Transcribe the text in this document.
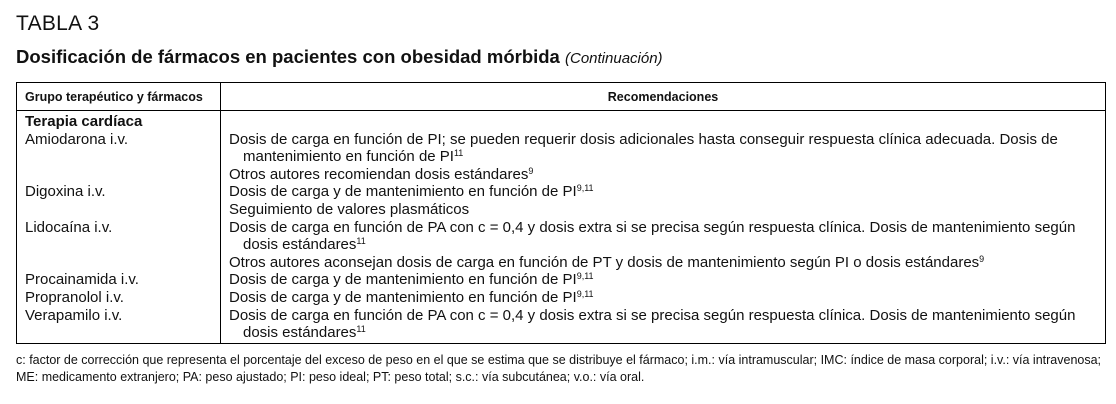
TABLA 3
Dosificación de fármacos en pacientes con obesidad mórbida (Continuación)
Grupo terapéutico y fármacos	Recomendaciones
Terapia cardíaca
Amiodarona i.v.
Digoxina i.v.
Lidocaína i.v.
Procainamida i.v.
Propranolol i.v.
Verapamilo i.v.
Dosis de carga en función de PI; se pueden requerir dosis adicionales hasta conseguir respuesta clínica adecuada. Dosis de mantenimiento en función de PI$^{11}$
Otros autores recomiendan dosis estándares$^9$
Dosis de carga y de mantenimiento en función de PI$^{9,11}$
Seguimiento de valores plasmáticos
Dosis de carga en función de PA con c = 0,4 y dosis extra si se precisa según respuesta clínica. Dosis de mantenimiento según dosis estándares$^{11}$
Otros autores aconsejan dosis de carga en función de PT y dosis de mantenimiento según PI o dosis estándares$^9$
Dosis de carga y de mantenimiento en función de PI$^{9,11}$
Dosis de carga y de mantenimiento en función de PI$^{9,11}$
Dosis de carga en función de PA con c = 0,4 y dosis extra si se precisa según respuesta clínica. Dosis de mantenimiento según dosis estándares$^{11}$
c: factor de corrección que representa el porcentaje del exceso de peso en el que se estima que se distribuye el fármaco; i.m.: vía intramuscular; IMC: índice de masa corporal; i.v.: vía intravenosa; ME: medicamento extranjero; PA: peso ajustado; PI: peso ideal; PT: peso total; s.c.: vía subcutánea; v.o.: vía oral.
